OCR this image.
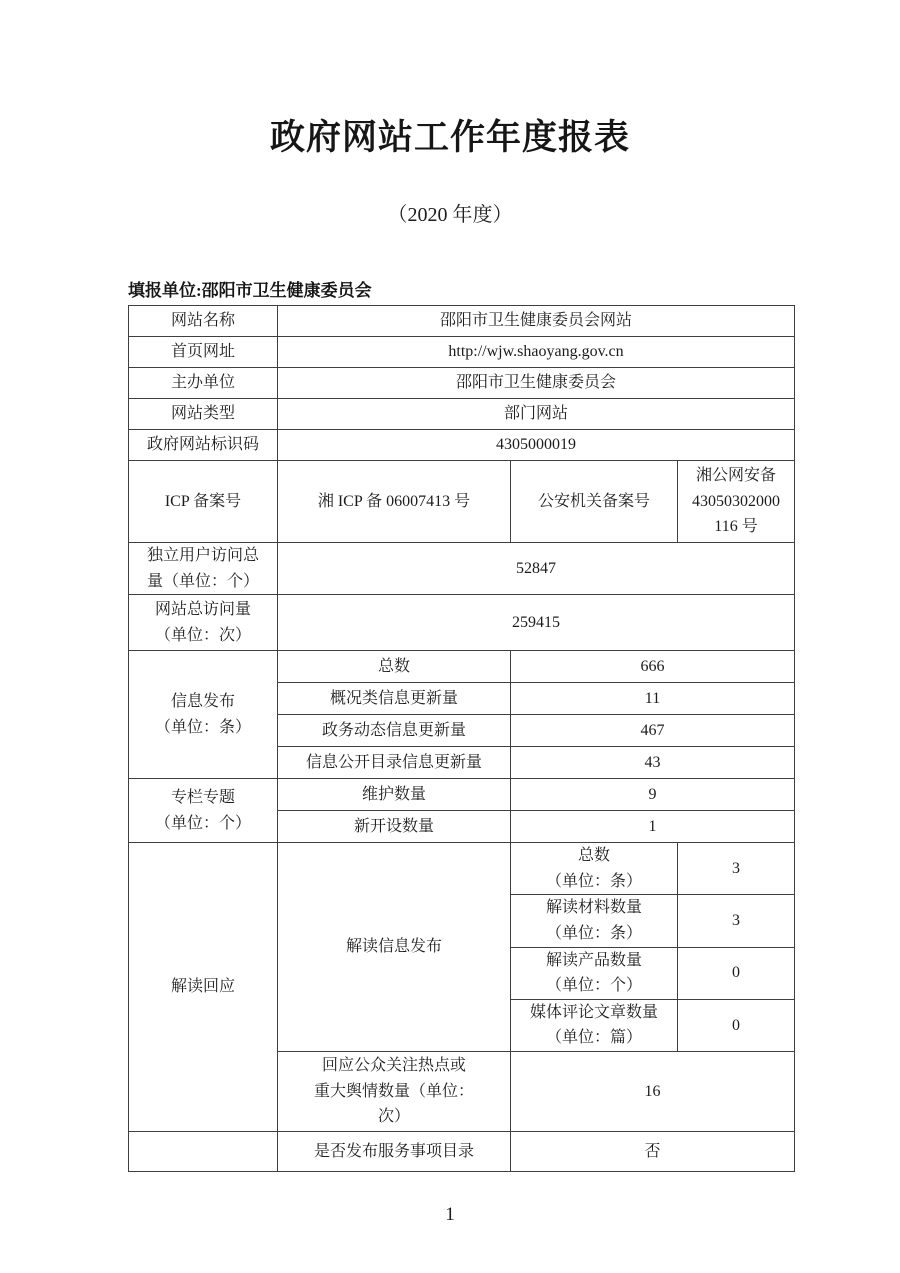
政府网站工作年度报表
（2020 年度）
填报单位:邵阳市卫生健康委员会
网站名称	邵阳市卫生健康委员会网站		
首页网址	http://wjw.shaoyang.gov.cn		
主办单位	邵阳市卫生健康委员会		
网站类型	部门网站		
政府网站标识码	4305000019		
ICP 备案号	湘 ICP 备 06007413 号	公安机关备案号	湘公网安备
43050302000
116 号

独立用户访问总
量（单位：个）	52847		

网站总访问量
（单位：次）	259415		

信息发布
（单位：条）	总数	666	
	概况类信息更新量	11	
	政务动态信息更新量	467	
	信息公开目录信息更新量	43	

专栏专题
（单位：个）	维护数量	9	
	新开设数量	1	
解读回应	解读信息发布	总数
（单位：条）	3

		解读材料数量
（单位：条）	3

		解读产品数量
（单位：个）	0

		媒体评论文章数量
（单位：篇）	0

	回应公众关注热点或
重大舆情数量（单位：
次）	16	
	是否发布服务事项目录	否	
1
